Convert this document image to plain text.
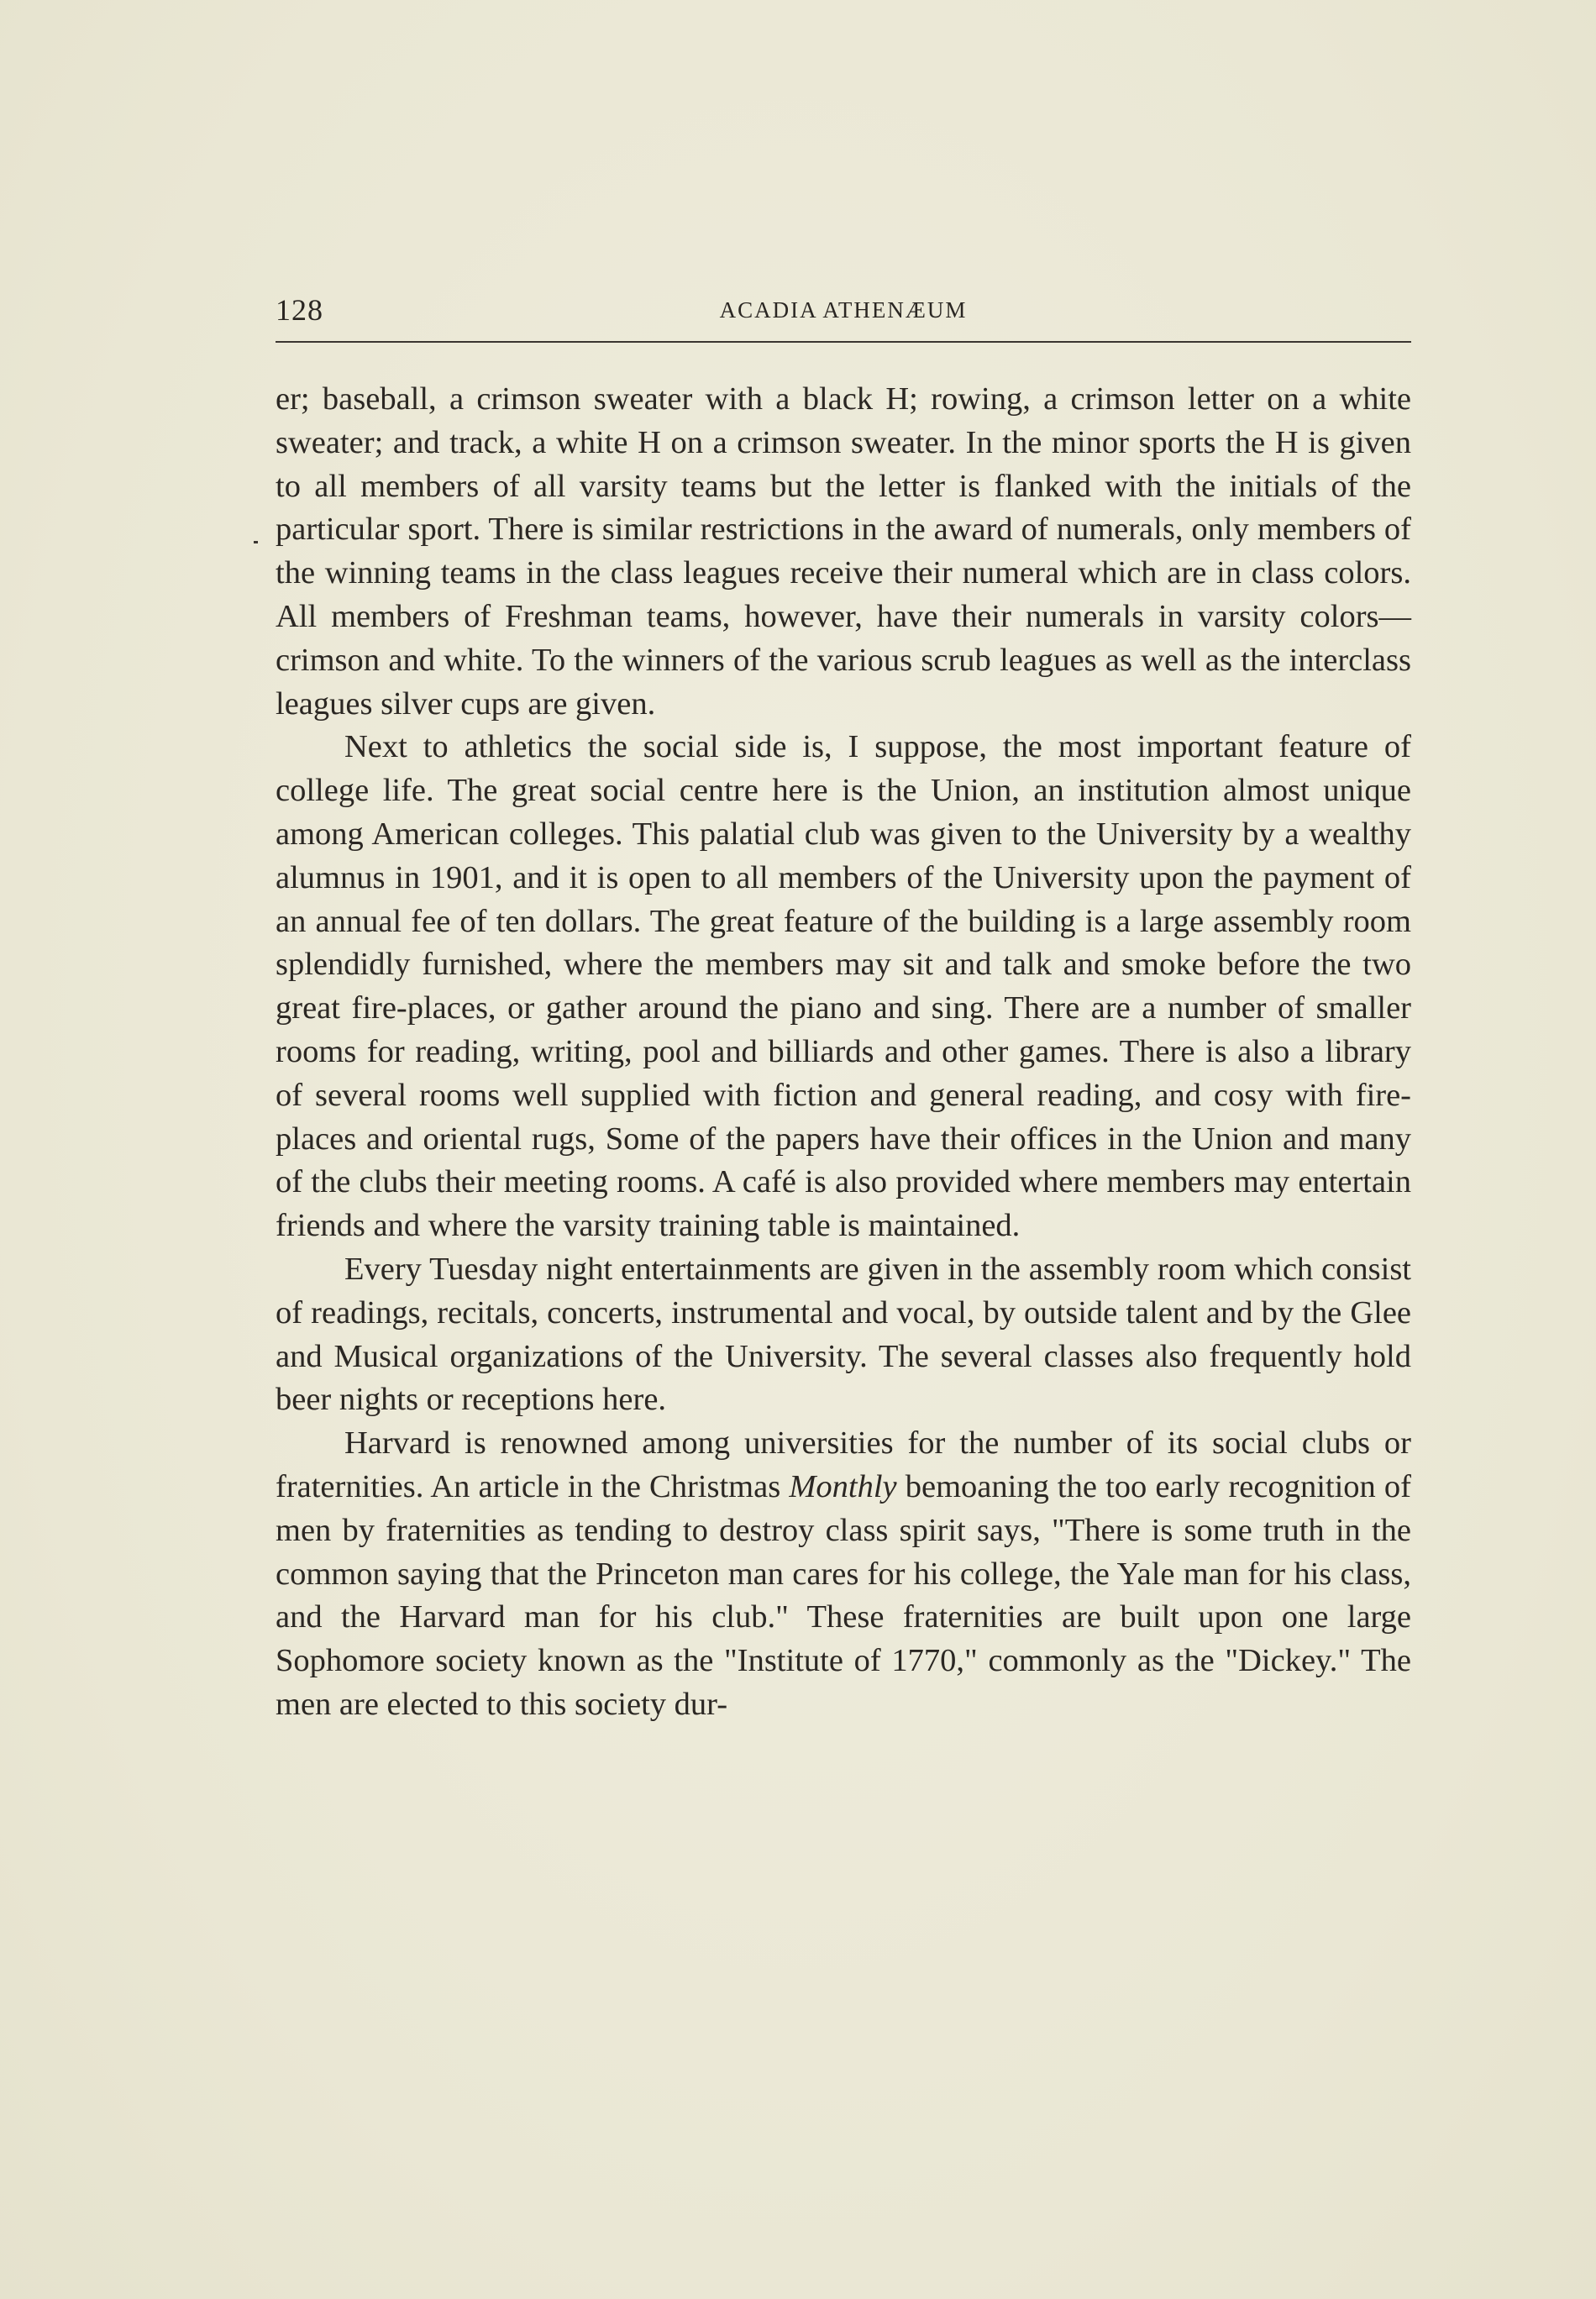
128	ACADIA ATHENÆUM

er; baseball, a crimson sweater with a black H; rowing, a crimson letter on a white sweater; and track, a white H on a crimson sweater. In the minor sports the H is given to all members of all varsity teams but the letter is flanked with the initials of the particular sport. There is similar restrictions in the award of numerals, only members of the winning teams in the class leagues receive their numeral which are in class colors. All members of Freshman teams, however, have their numerals in varsity colors—crimson and white. To the winners of the various scrub leagues as well as the interclass leagues silver cups are given.

Next to athletics the social side is, I suppose, the most important feature of college life. The great social centre here is the Union, an institution almost unique among American colleges. This palatial club was given to the University by a wealthy alumnus in 1901, and it is open to all members of the University upon the payment of an annual fee of ten dollars. The great feature of the building is a large assembly room splendidly furnished, where the members may sit and talk and smoke before the two great fire-places, or gather around the piano and sing. There are a number of smaller rooms for reading, writing, pool and billiards and other games. There is also a library of several rooms well supplied with fiction and general reading, and cosy with fire-places and oriental rugs, Some of the papers have their offices in the Union and many of the clubs their meeting rooms. A café is also provided where members may entertain friends and where the varsity training table is maintained.

Every Tuesday night entertainments are given in the assembly room which consist of readings, recitals, concerts, instrumental and vocal, by outside talent and by the Glee and Musical organizations of the University. The several classes also frequently hold beer nights or receptions here.

Harvard is renowned among universities for the number of its social clubs or fraternities. An article in the Christmas Monthly bemoaning the too early recognition of men by fraternities as tending to destroy class spirit says, "There is some truth in the common saying that the Princeton man cares for his college, the Yale man for his class, and the Harvard man for his club." These fraternities are built upon one large Sophomore society known as the "Institute of 1770," commonly as the "Dickey." The men are elected to this society dur-
